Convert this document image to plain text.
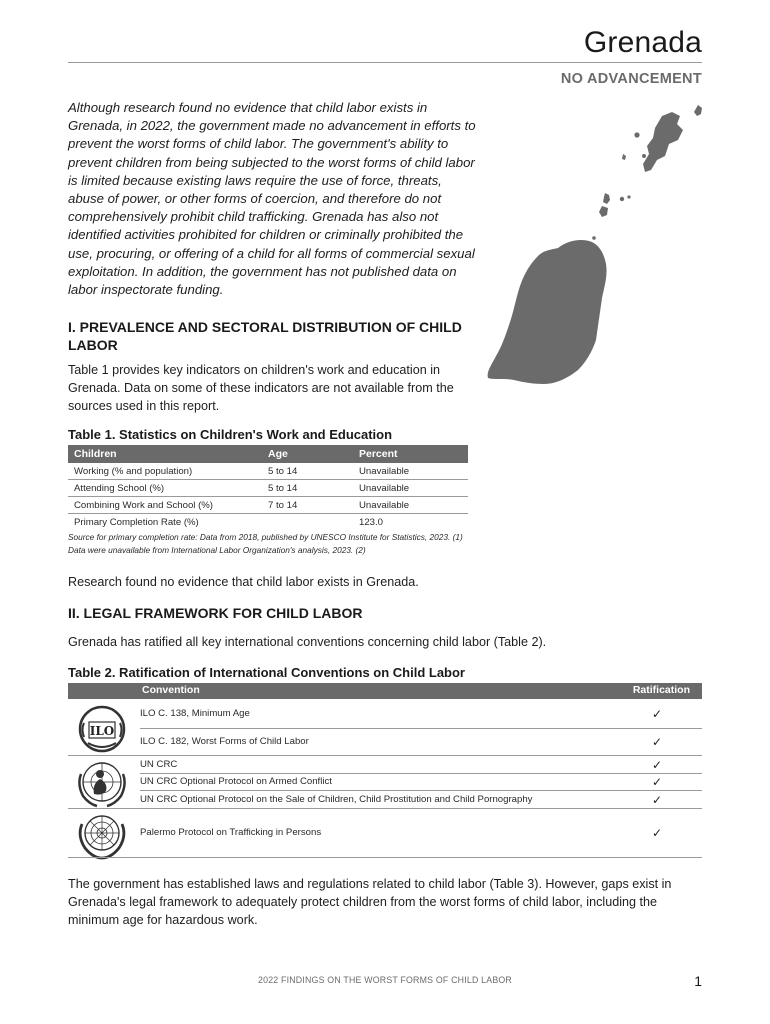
Grenada
NO ADVANCEMENT
Although research found no evidence that child labor exists in Grenada, in 2022, the government made no advancement in efforts to prevent the worst forms of child labor. The government's ability to prevent children from being subjected to the worst forms of child labor is limited because existing laws require the use of force, threats, abuse of power, or other forms of coercion, and therefore do not comprehensively prohibit child trafficking. Grenada has also not identified activities prohibited for children or criminally prohibited the use, procuring, or offering of a child for all forms of commercial sexual exploitation. In addition, the government has not published data on labor inspectorate funding.
I. PREVALENCE AND SECTORAL DISTRIBUTION OF CHILD LABOR
Table 1 provides key indicators on children's work and education in Grenada. Data on some of these indicators are not available from the sources used in this report.
Table 1. Statistics on Children's Work and Education
Children	Age	Percent
Working (% and population)	5 to 14	Unavailable
Attending School (%)	5 to 14	Unavailable
Combining Work and School (%)	7 to 14	Unavailable
Primary Completion Rate (%)		123.0
Source for primary completion rate: Data from 2018, published by UNESCO Institute for Statistics, 2023. (1)
Data were unavailable from International Labor Organization's analysis, 2023. (2)
Research found no evidence that child labor exists in Grenada.
II. LEGAL FRAMEWORK FOR CHILD LABOR
Grenada has ratified all key international conventions concerning child labor (Table 2).
Table 2. Ratification of International Conventions on Child Labor
Convention	Ratification
ILO
ILO C. 138, Minimum Age	✓
ILO C. 182, Worst Forms of Child Labor	✓
UN CRC	✓
UN CRC Optional Protocol on Armed Conflict	✓
UN CRC Optional Protocol on the Sale of Children, Child Prostitution and Child Pornography	✓
Palermo Protocol on Trafficking in Persons	✓
The government has established laws and regulations related to child labor (Table 3). However, gaps exist in Grenada's legal framework to adequately protect children from the worst forms of child labor, including the minimum age for hazardous work.
2022 FINDINGS ON THE WORST FORMS OF CHILD LABOR	1
